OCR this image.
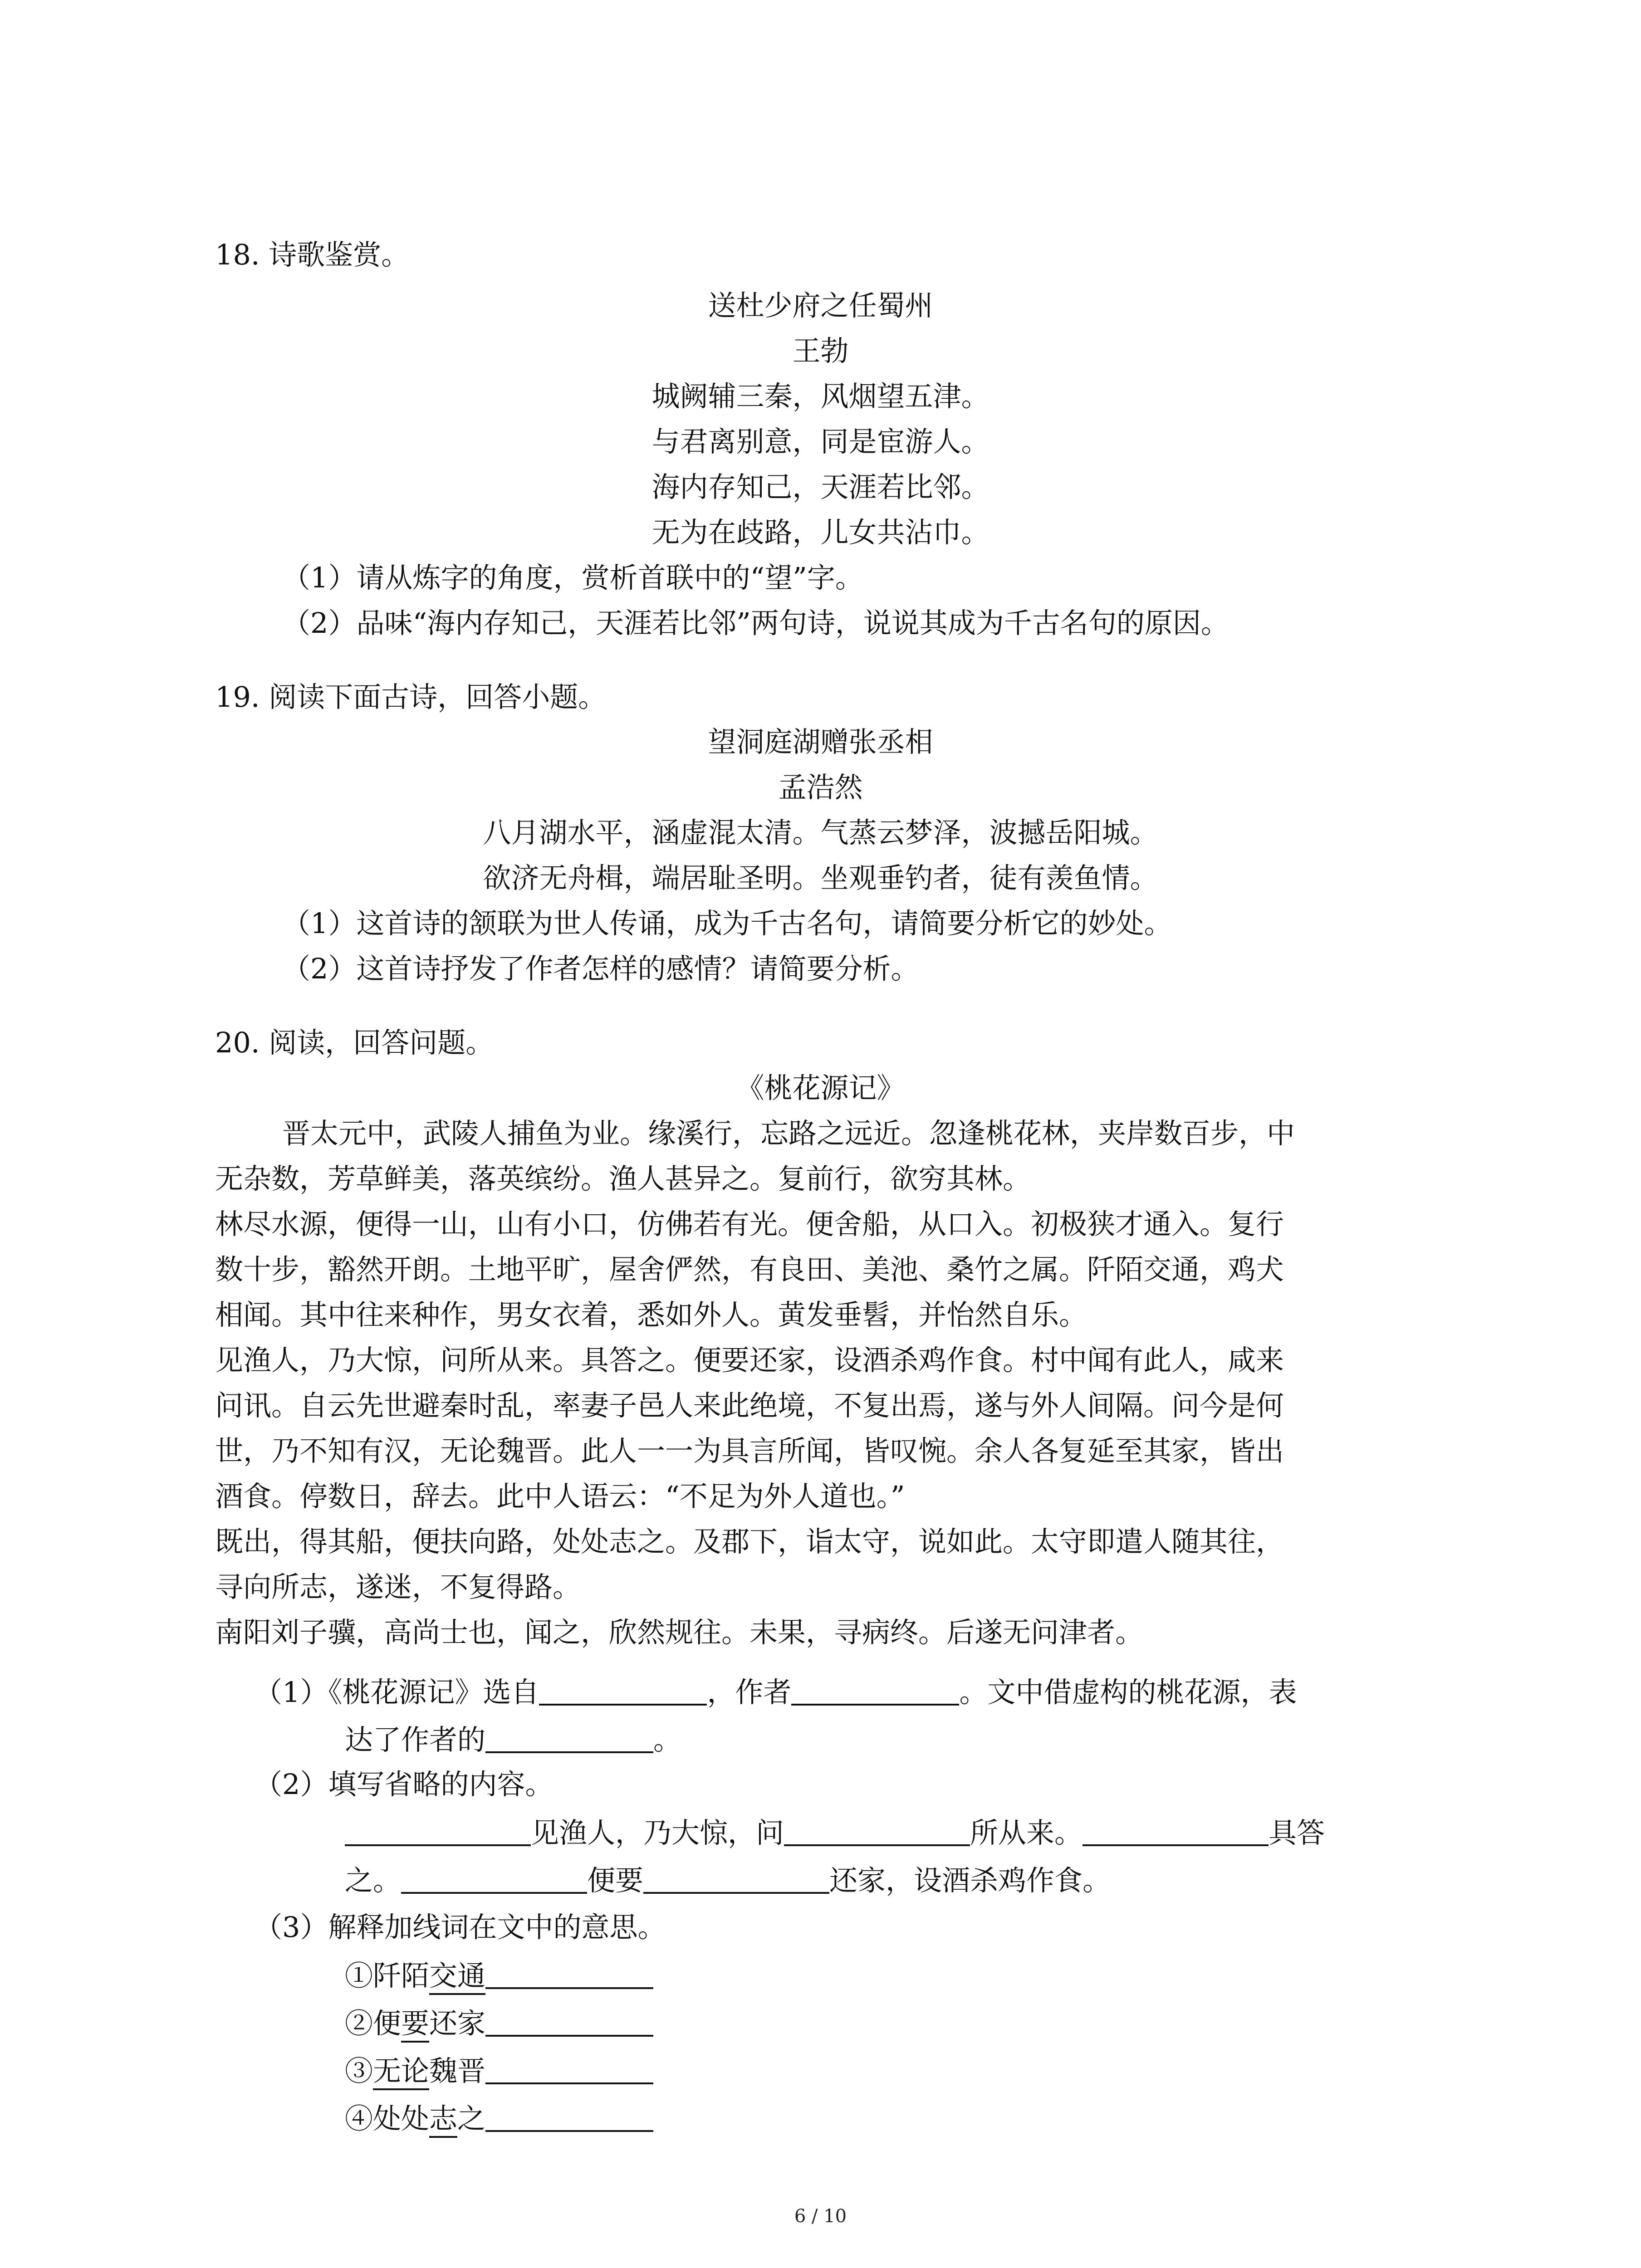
18. 诗歌鉴赏。
送杜少府之任蜀州
王勃
城阙辅三秦，风烟望五津。
与君离别意，同是宦游人。
海内存知己，天涯若比邻。
无为在歧路，儿女共沾巾。
（1）请从炼字的角度，赏析首联中的“望”字。
（2）品味“海内存知己，天涯若比邻”两句诗，说说其成为千古名句的原因。
19. 阅读下面古诗，回答小题。
望洞庭湖赠张丞相
孟浩然
八月湖水平，涵虚混太清。气蒸云梦泽，波撼岳阳城。
欲济无舟楫，端居耻圣明。坐观垂钓者，徒有羡鱼情。
（1）这首诗的颔联为世人传诵，成为千古名句，请简要分析它的妙处。
（2）这首诗抒发了作者怎样的感情？请简要分析。
20. 阅读，回答问题。
《桃花源记》
晋太元中，武陵人捕鱼为业。缘溪行，忘路之远近。忽逢桃花林，夹岸数百步，中
无杂数，芳草鲜美，落英缤纷。渔人甚异之。复前行，欲穷其林。
林尽水源，便得一山，山有小口，仿佛若有光。便舍船，从口入。初极狭才通入。复行
数十步，豁然开朗。土地平旷，屋舍俨然，有良田、美池、桑竹之属。阡陌交通，鸡犬
相闻。其中往来种作，男女衣着，悉如外人。黄发垂髫，并怡然自乐。
见渔人，乃大惊，问所从来。具答之。便要还家，设酒杀鸡作食。村中闻有此人，咸来
问讯。自云先世避秦时乱，率妻子邑人来此绝境，不复出焉，遂与外人间隔。问今是何
世，乃不知有汉，无论魏晋。此人一一为具言所闻，皆叹惋。余人各复延至其家，皆出
酒食。停数日，辞去。此中人语云：“不足为外人道也。”
既出，得其船，便扶向路，处处志之。及郡下，诣太守，说如此。太守即遣人随其往，
寻向所志，遂迷，不复得路。
南阳刘子骥，高尚士也，闻之，欣然规往。未果，寻病终。后遂无问津者。
（1）《桃花源记》选自	，作者	。文中借虚构的桃花源，表
达了作者的	。
（2）填写省略的内容。
见渔人，乃大惊，问	所从来。	具答
之。	便要	还家，设酒杀鸡作食。
（3）解释加线词在文中的意思。
①阡陌交通
②便要还家
③无论魏晋
④处处志之
6 / 10
